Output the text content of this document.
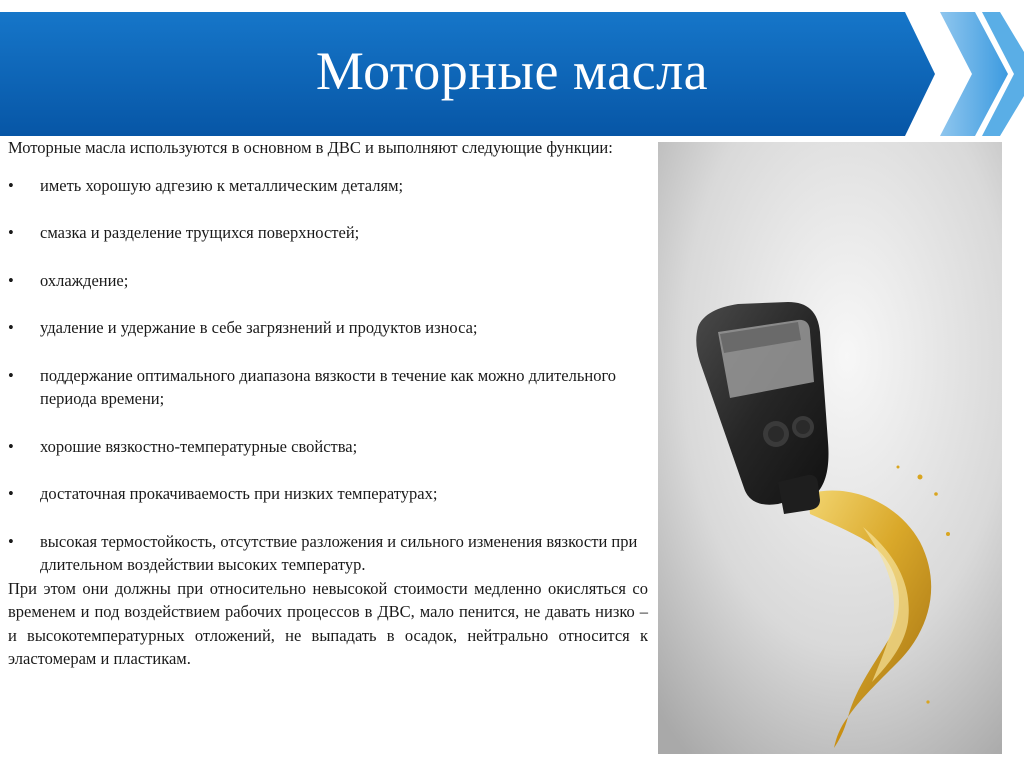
Моторные масла

Моторные масла используются в основном в ДВС и выполняют следующие функции:

• иметь хорошую адгезию к металлическим деталям;
• смазка и разделение трущихся поверхностей;
• охлаждение;
• удаление и удержание в себе загрязнений и продуктов износа;
• поддержание оптимального диапазона вязкости в течение как можно длительного периода времени;
• хорошие вязкостно-температурные свойства;
• достаточная прокачиваемость при низких температурах;
• высокая термостойкость, отсутствие разложения и сильного изменения вязкости при длительном воздействии высоких температур.

При этом они должны при относительно невысокой стоимости медленно окисляться со временем и под воздействием рабочих процессов в ДВС, мало пенится, не давать низко – и высокотемпературных отложений, не выпадать в осадок, нейтрально относится к эластомерам и пластикам.
